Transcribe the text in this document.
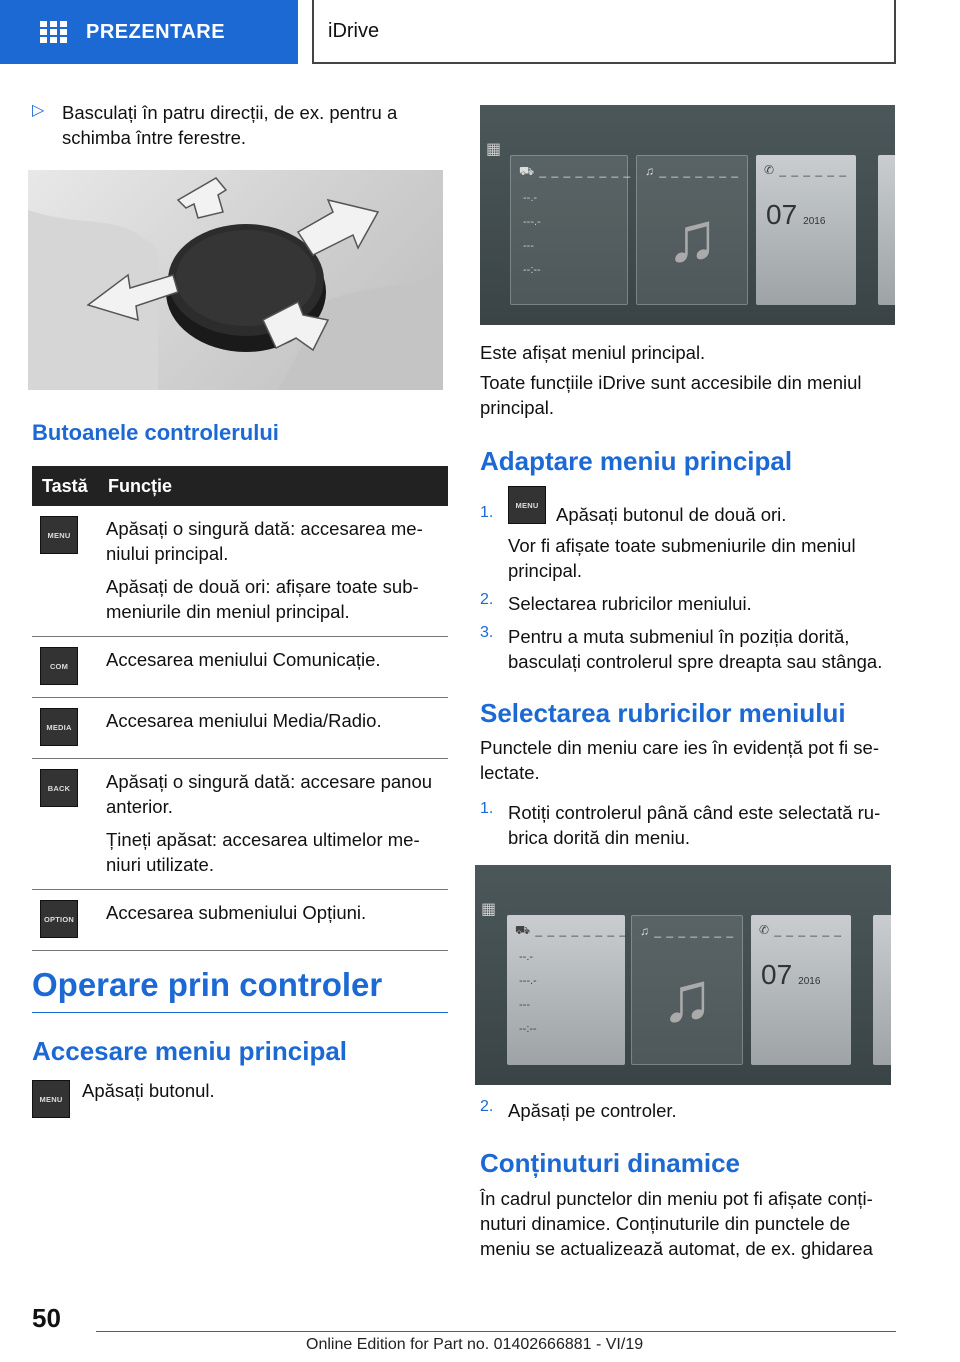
PREZENTARE	iDrive
▷ Basculați în patru direcții, de ex. pentru a schimba între ferestre.

Butoanele controlerului
Tastă	Funcție
MENU	Apăsați o singură dată: accesarea me-niului principal.

Apăsați de două ori: afișare toate sub-meniurile din meniul principal.

COM	Accesarea meniului Comunicație.

MEDIA	Accesarea meniului Media/Radio.

BACK	Apăsați o singură dată: accesare panou anterior.

Țineți apăsat: accesarea ultimelor me-niuri utilizate.

OPTION	Accesarea submeniului Opțiuni.

Operare prin controler
Accesare meniu principal
MENU	Apăsați butonul.

▦
⛟ _ _ _ _ _ _ _ _
--.-
---.-
---
--:--
♫ _ _ _ _ _ _ _
♫
✆ _ _ _ _ _ _
07 2016

Este afișat meniul principal.

Toate funcțiile iDrive sunt accesibile din meniul principal.

Adaptare meniu principal
1.	MENU Apăsați butonul de două ori.

Vor fi afișate toate submeniurile din meniul principal.

2. Selectarea rubricilor meniului.

3. Pentru a muta submeniul în poziția dorită, basculați controlerul spre dreapta sau stânga.

Selectarea rubricilor meniului

Punctele din meniu care ies în evidență pot fi se-lectate.

1. Rotiți controlerul până când este selectată ru-brica dorită din meniu.

▦
⛟ _ _ _ _ _ _ _ _
--.-
---.-
---
--:--
♫ _ _ _ _ _ _ _
♫
✆ _ _ _ _ _ _
07 2016
2. Apăsați pe controler.

Conținuturi dinamice

În cadrul punctelor din meniu pot fi afișate conți-nuturi dinamice. Conținuturile din punctele de meniu se actualizează automat, de ex. ghidarea

50
Online Edition for Part no. 01402666881 - VI/19
